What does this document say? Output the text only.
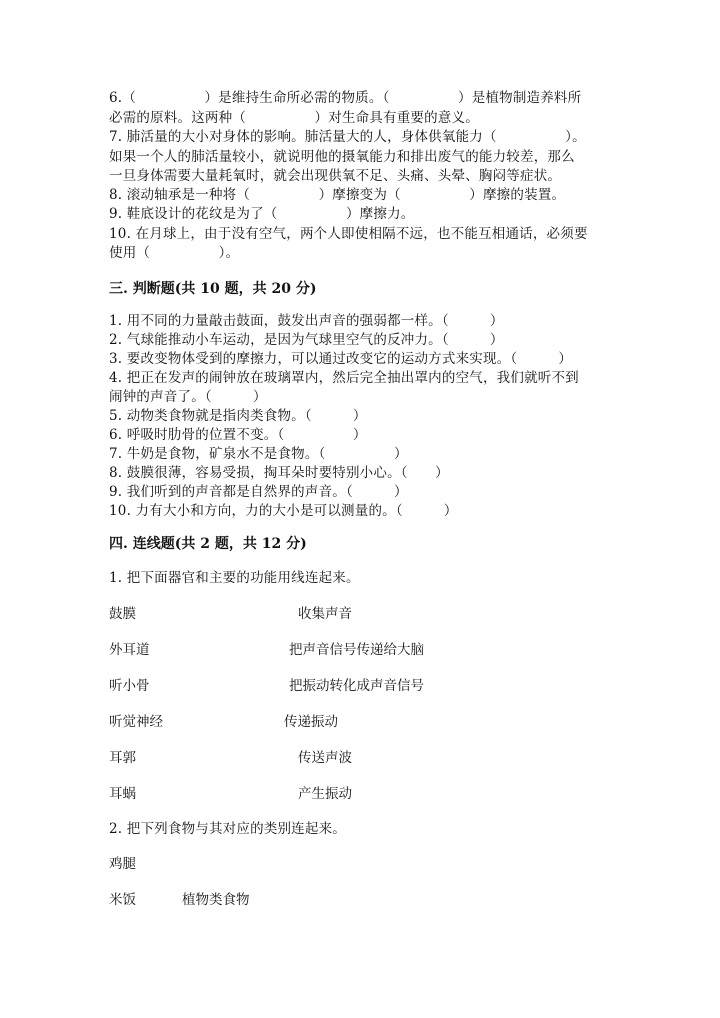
6.（　　　　　）是维持生命所必需的物质。（　　　　　）是植物制造养料所
必需的原料。这两种（　　　　　）对生命具有重要的意义。
7. 肺活量的大小对身体的影响。肺活量大的人，身体供氧能力（　　　　　）。
如果一个人的肺活量较小，就说明他的摄氧能力和排出废气的能力较差，那么
一旦身体需要大量耗氧时，就会出现供氧不足、头痛、头晕、胸闷等症状。
8. 滚动轴承是一种将（　　　　　）摩擦变为（　　　　　）摩擦的装置。
9. 鞋底设计的花纹是为了（　　　　　）摩擦力。
10. 在月球上，由于没有空气，两个人即使相隔不远，也不能互相通话，必须要
使用（　　　　　）。
三. 判断题(共 10 题，共 20 分)
1. 用不同的力量敲击鼓面，鼓发出声音的强弱都一样。（　　　）
2. 气球能推动小车运动，是因为气球里空气的反冲力。（　　　）
3. 要改变物体受到的摩擦力，可以通过改变它的运动方式来实现。（　　　）
4. 把正在发声的闹钟放在玻璃罩内，然后完全抽出罩内的空气，我们就听不到
闹钟的声音了。（　　　）
5. 动物类食物就是指肉类食物。（　　　）
6. 呼吸时肋骨的位置不变。（　　　　　）
7. 牛奶是食物，矿泉水不是食物。（　　　　　）
8. 鼓膜很薄，容易受损，掏耳朵时要特别小心。（　　）
9. 我们听到的声音都是自然界的声音。（　　　）
10. 力有大小和方向，力的大小是可以测量的。（　　　）
四. 连线题(共 2 题，共 12 分)
1. 把下面器官和主要的功能用线连起来。
鼓膜	收集声音
外耳道	把声音信号传递给大脑
听小骨	把振动转化成声音信号
听觉神经	传递振动
耳郭	传送声波
耳蜗	产生振动
2. 把下列食物与其对应的类别连起来。
鸡腿
米饭	植物类食物
